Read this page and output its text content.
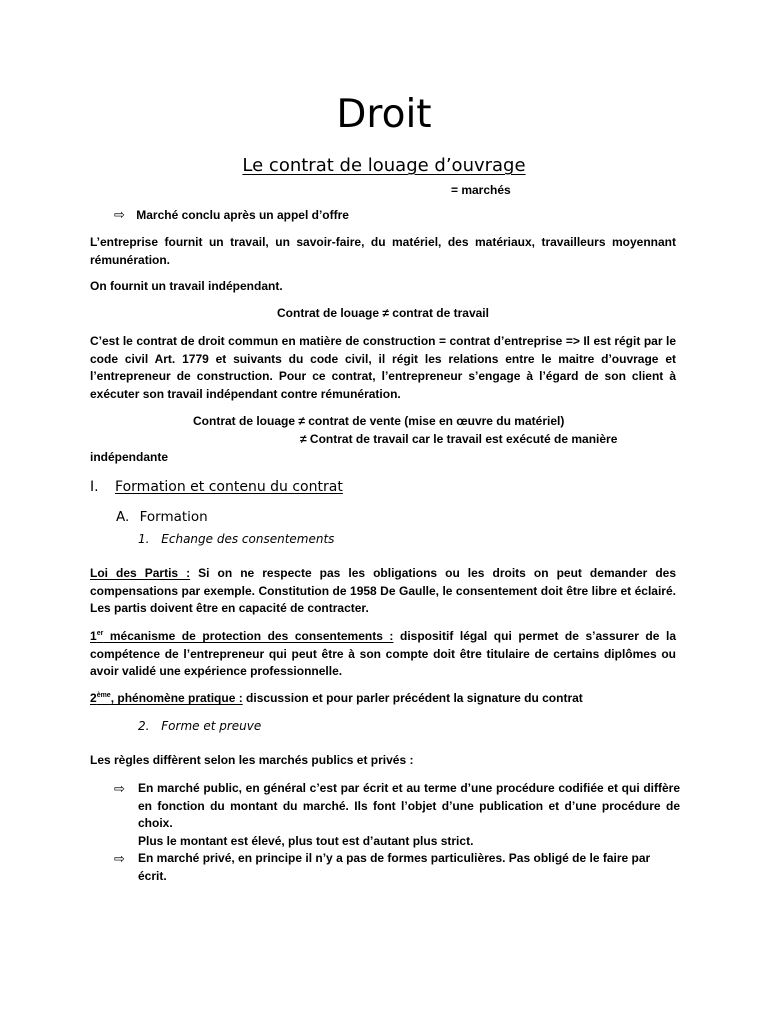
Droit
Le contrat de louage d’ouvrage
= marchés
⇨ Marché conclu après un appel d’offre
L’entreprise fournit un travail, un savoir-faire, du matériel, des matériaux, travailleurs moyennant rémunération.
On fournit un travail indépendant.
Contrat de louage ≠ contrat de travail
C’est le contrat de droit commun en matière de construction = contrat d’entreprise => Il est régit par le code civil Art. 1779 et suivants du code civil, il régit les relations entre le maitre d’ouvrage et l’entrepreneur de construction. Pour ce contrat, l’entrepreneur s’engage à l’égard de son client à exécuter son travail indépendant contre rémunération.
Contrat de louage ≠ contrat de vente (mise en œuvre du matériel)
≠ Contrat de travail car le travail est exécuté de manière
indépendante
I. Formation et contenu du contrat
A. Formation
1. Echange des consentements
Loi des Partis : Si on ne respecte pas les obligations ou les droits on peut demander des compensations par exemple. Constitution de 1958 De Gaulle, le consentement doit être libre et éclairé. Les partis doivent être en capacité de contracter.
1er mécanisme de protection des consentements : dispositif légal qui permet de s’assurer de la compétence de l’entrepreneur qui peut être à son compte doit être titulaire de certains diplômes ou avoir validé une expérience professionnelle.
2ème, phénomène pratique : discussion et pour parler précédent la signature du contrat
2. Forme et preuve
Les règles diffèrent selon les marchés publics et privés :
⇨ En marché public, en général c’est par écrit et au terme d’une procédure codifiée et qui diffère en fonction du montant du marché. Ils font l’objet d’une publication et d’une procédure de choix.
Plus le montant est élevé, plus tout est d’autant plus strict.
⇨ En marché privé, en principe il n’y a pas de formes particulières. Pas obligé de le faire par écrit.
